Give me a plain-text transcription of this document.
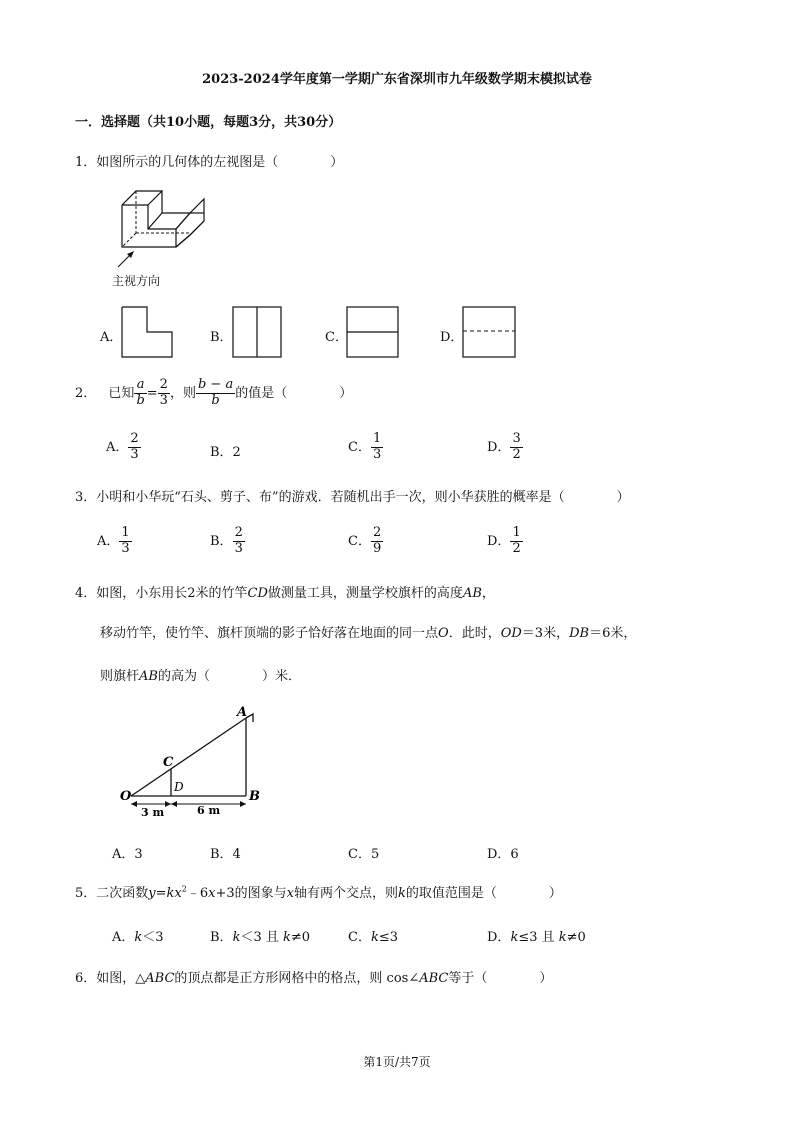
2023-2024学年度第一学期广东省深圳市九年级数学期末模拟试卷
一．选择题（共10小题，每题3分，共30分）
1．如图所示的几何体的左视图是（　　　　）
主视方向
A．	B．	C．	D．
2． 已知 $\frac{a}{b} = \frac{2}{3}$ ，则 $\frac{b - a}{b}$ 的值是（　　　　）
A． $\frac{2}{3}$	B．2	C． $\frac{1}{3}$	D． $\frac{3}{2}$
3．小明和小华玩“石头、剪子、布”的游戏．若随机出手一次，则小华获胜的概率是（　　　　）
A． $\frac{1}{3}$	B． $\frac{2}{3}$	C． $\frac{2}{9}$	D． $\frac{1}{2}$
4．如图，小东用长2米的竹竿CD做测量工具，测量学校旗杆的高度AB，
移动竹竿，使竹竿、旗杆顶端的影子恰好落在地面的同一点O．此时，OD＝3米，DB＝6米，
则旗杆AB的高为（　　　　）米．
A
B
C
D
O
3 m	6 m
A．3	B．4	C．5	D．6
5．二次函数$y=kx^2﹣6x+3$的图象与x轴有两个交点，则k的取值范围是（　　　　）
A．k＜3	B．k＜3 且 k≠0	C．k≤3	D．k≤3 且 k≠0
6．如图，△ABC的顶点都是正方形网格中的格点，则 cos∠ABC等于（　　　　）
第1页/共7页
